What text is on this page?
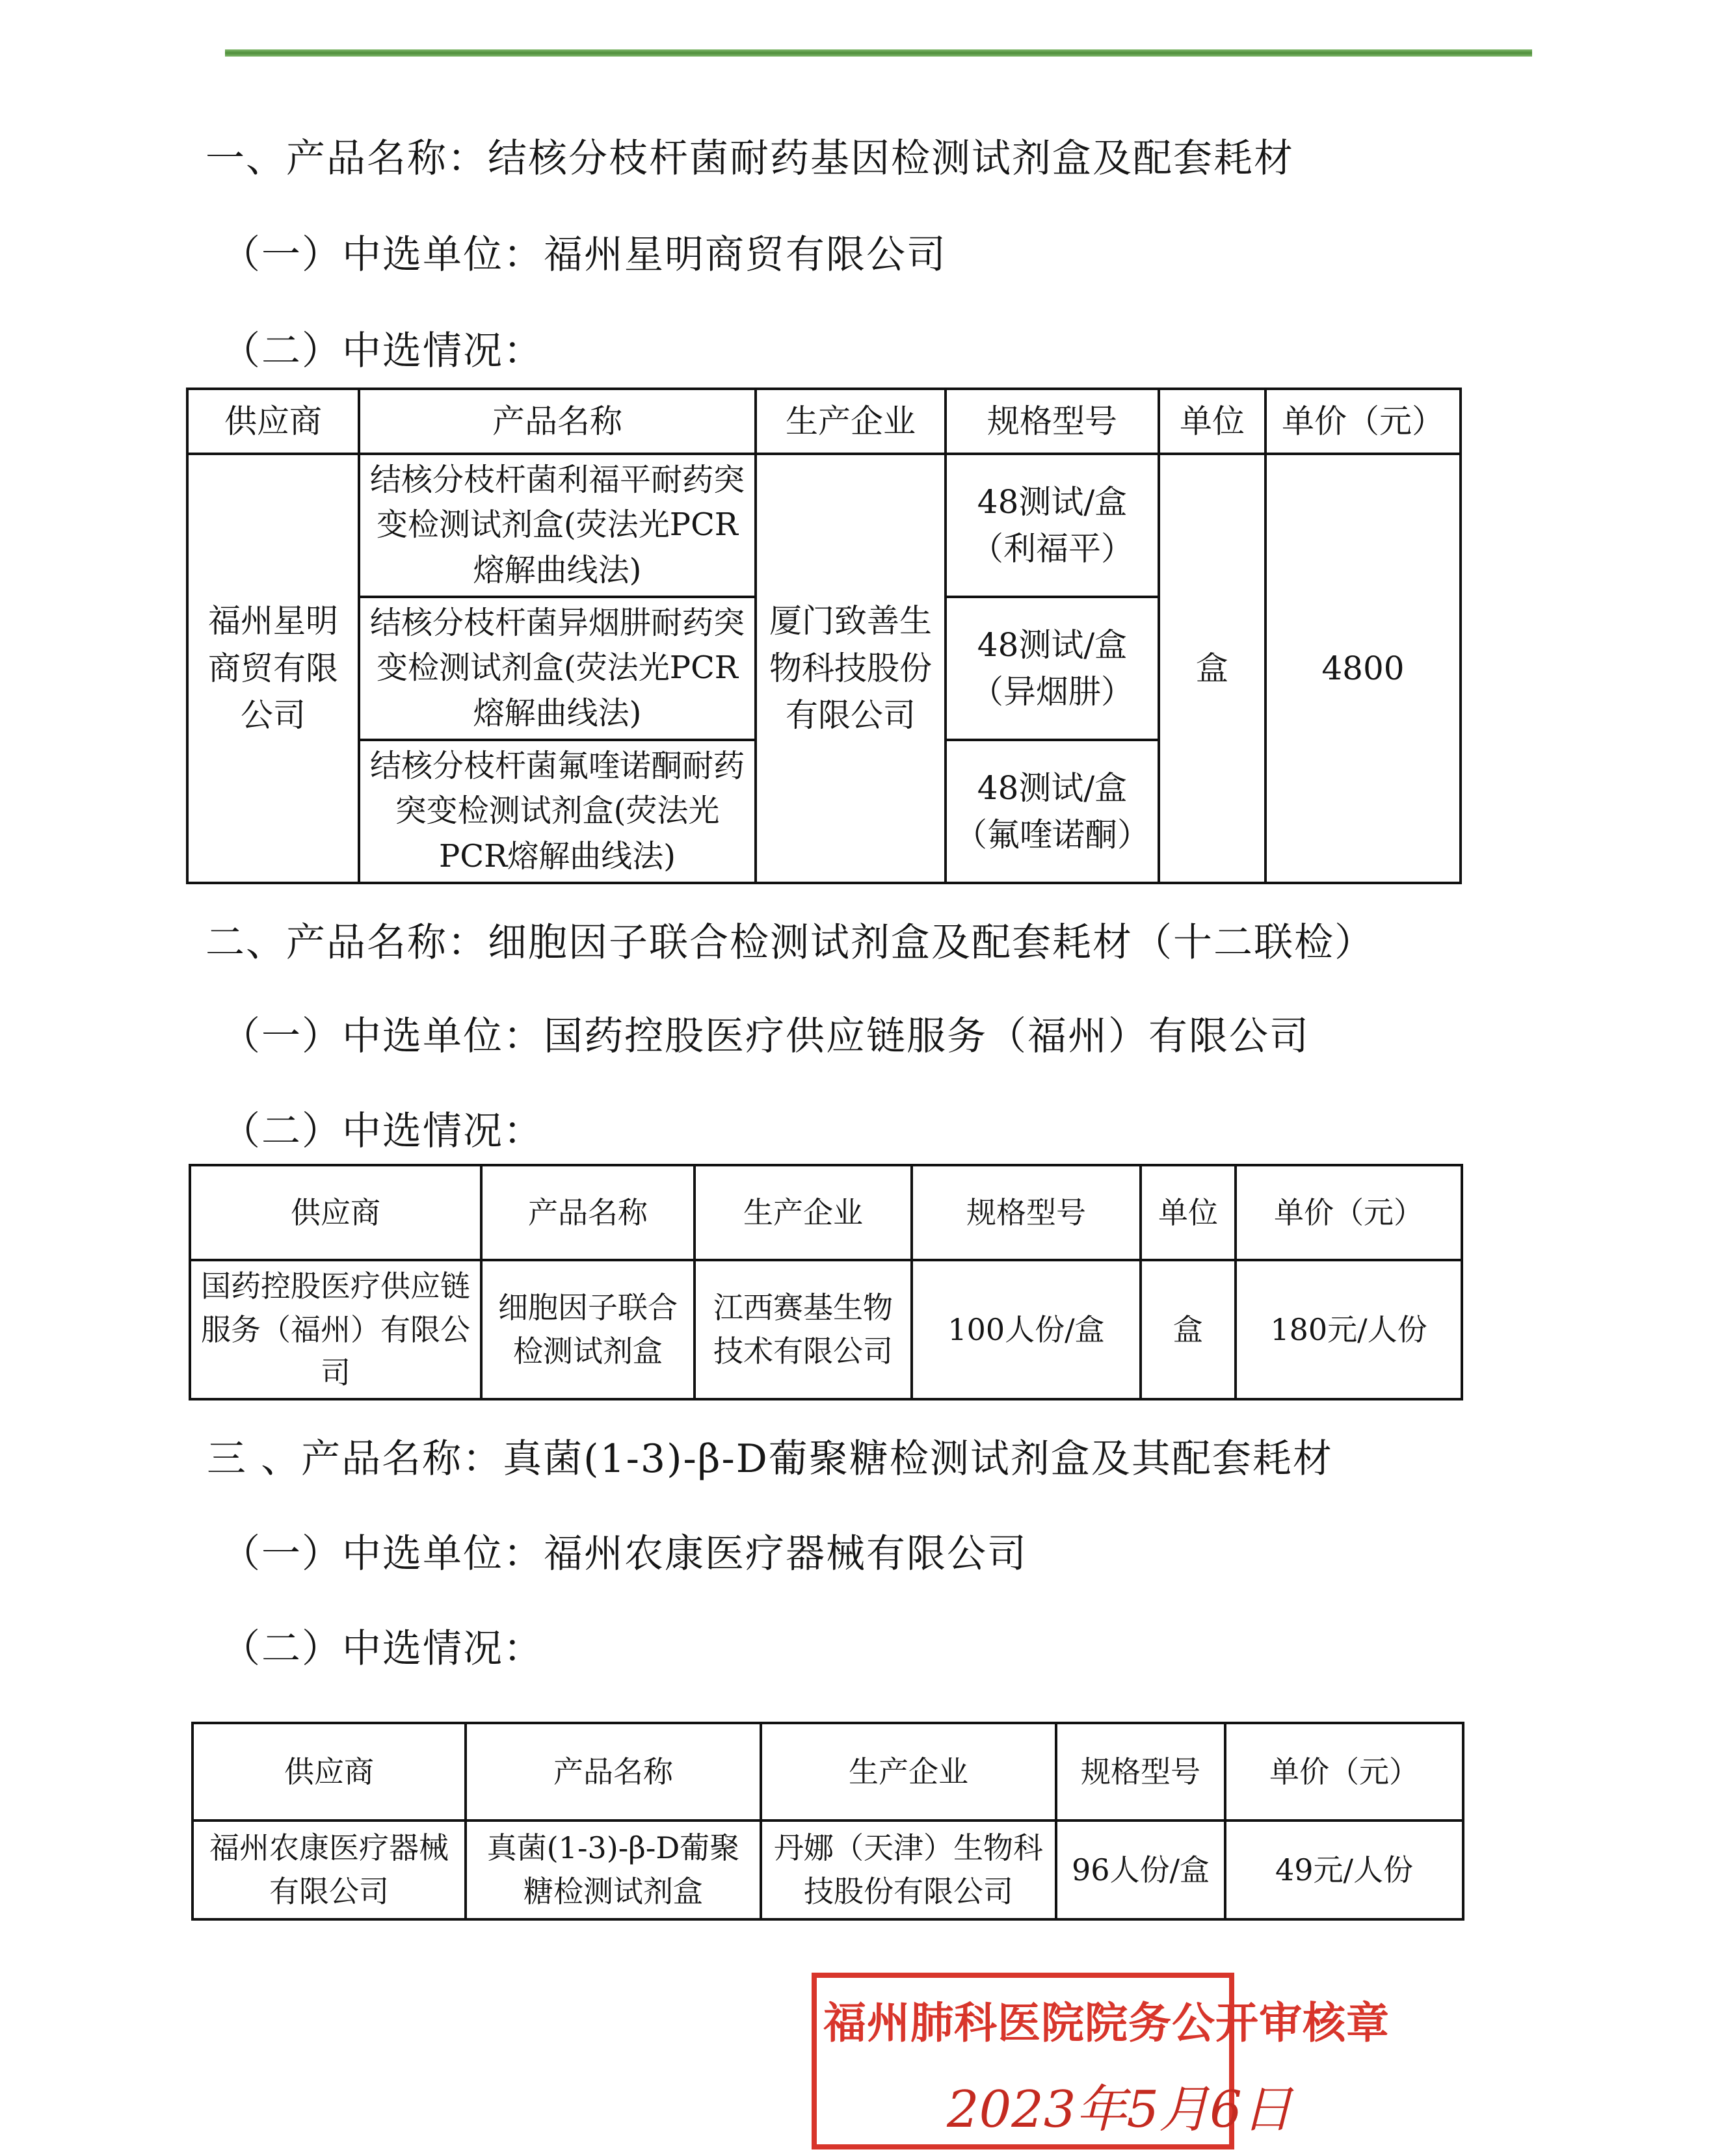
一、产品名称：结核分枝杆菌耐药基因检测试剂盒及配套耗材
（一）中选单位：福州星明商贸有限公司
（二）中选情况：
供应商	产品名称	生产企业	规格型号	单位	单价（元）
福州星明商贸有限公司	结核分枝杆菌利福平耐药突变检测试剂盒(荧法光PCR熔解曲线法)	厦门致善生物科技股份有限公司	48测试/盒（利福平）	盒	4800
	结核分枝杆菌异烟肼耐药突变检测试剂盒(荧法光PCR熔解曲线法)		48测试/盒（异烟肼）		
	结核分枝杆菌氟喹诺酮耐药突变检测试剂盒(荧法光PCR熔解曲线法)		48测试/盒（氟喹诺酮）		
二、产品名称：细胞因子联合检测试剂盒及配套耗材（十二联检）
（一）中选单位：国药控股医疗供应链服务（福州）有限公司
（二）中选情况：
供应商	产品名称	生产企业	规格型号	单位	单价（元）
国药控股医疗供应链服务（福州）有限公司	细胞因子联合检测试剂盒	江西赛基生物技术有限公司	100人份/盒	盒	180元/人份
三 、产品名称：真菌(1-3)-β-D葡聚糖检测试剂盒及其配套耗材
（一）中选单位：福州农康医疗器械有限公司
（二）中选情况：
供应商	产品名称	生产企业	规格型号	单价（元）
福州农康医疗器械有限公司	真菌(1-3)-β-D葡聚糖检测试剂盒	丹娜（天津）生物科技股份有限公司	96人份/盒	49元/人份
福州肺科医院院务公开审核章
2023年5月6日
